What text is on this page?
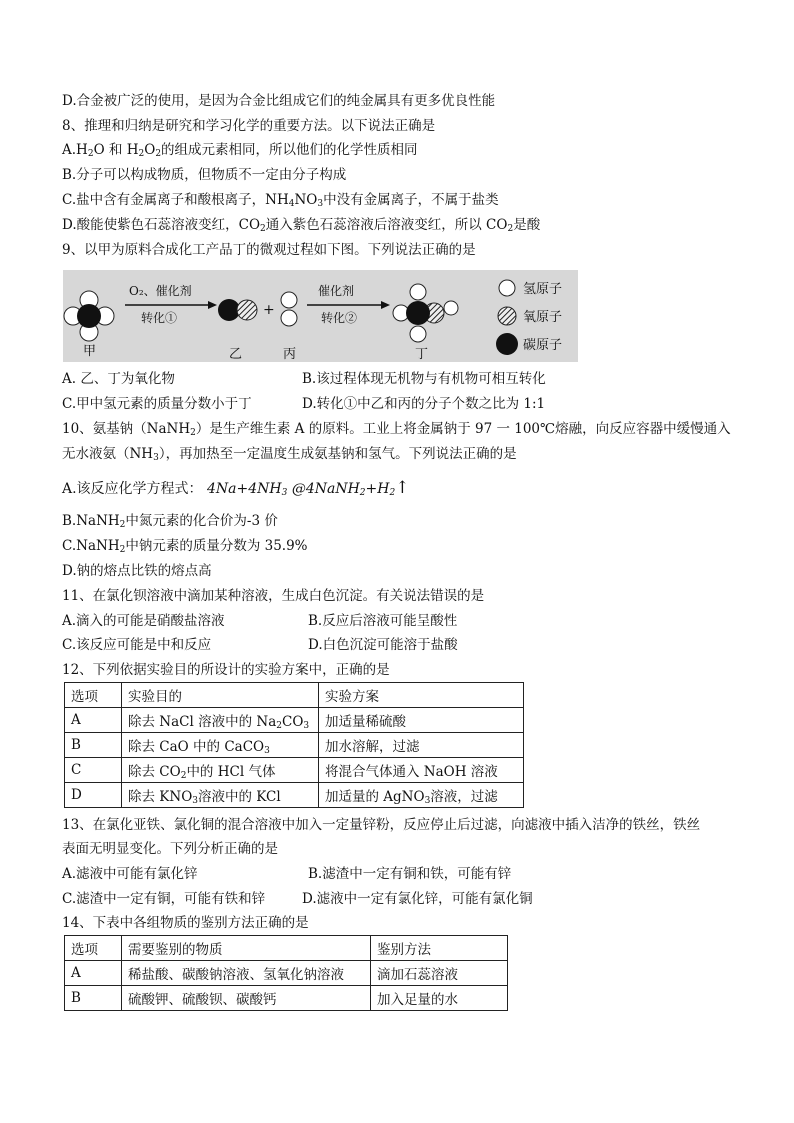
D.合金被广泛的使用，是因为合金比组成它们的纯金属具有更多优良性能
8、推理和归纳是研究和学习化学的重要方法。以下说法正确是
$A.H_2O$ 和 $H_2O_2$的组成元素相同，所以他们的化学性质相同
B.分子可以构成物质，但物质不一定由分子构成
C.盐中含有金属离子和酸根离子，$NH_4NO_3$中没有金属离子，不属于盐类
D.酸能使紫色石蕊溶液变红，$CO_2$通入紫色石蕊溶液后溶液变红，所以 $CO_2$是酸
9、以甲为原料合成化工产品丁的微观过程如下图。下列说法正确的是
甲
O₂、催化剂
转化①
乙
+
丙
催化剂
转化②
丁
氢原子
氧原子
碳原子
A. 乙、丁为氧化物	B.该过程体现无机物与有机物可相互转化
C.甲中氢元素的质量分数小于丁	D.转化①中乙和丙的分子个数之比为 1:1
10、氨基钠（NaNH$_2$）是生产维生素 A 的原料。工业上将金属钠于 97 一 100℃熔融，向反应容器中缓慢通入
无水液氨$(NH_3)$，再加热至一定温度生成氨基钠和氢气。下列说法正确的是
A.该反应化学方程式： $4Na+4NH_3$ $@4NaNH_2+H_2↑$
B.NaNH$_2$中氮元素的化合价为-3 价
C.NaNH$_2$中钠元素的质量分数为 35.9%
D.钠的熔点比铁的熔点高
11、在氯化钡溶液中滴加某种溶液，生成白色沉淀。有关说法错误的是
A.滴入的可能是硝酸盐溶液	B.反应后溶液可能呈酸性
C.该反应可能是中和反应	D.白色沉淀可能溶于盐酸
12、下列依据实验目的所设计的实验方案中，正确的是
选项	实验目的	实验方案
A	除去 NaCl 溶液中的 $Na_2CO_3$	加适量稀硫酸
B	除去 CaO 中的 CaCO$_3$	加水溶解，过滤
C	除去 $CO_2$中的 HCl 气体	将混合气体通入 NaOH 溶液
D	除去 $KNO_3$溶液中的 KCl	加适量的 AgNO$_3$溶液，过滤
13、在氯化亚铁、氯化铜的混合溶液中加入一定量锌粉，反应停止后过滤，向滤液中插入洁净的铁丝，铁丝
表面无明显变化。下列分析正确的是
A.滤液中可能有氯化锌	B.滤渣中一定有铜和铁，可能有锌
C.滤渣中一定有铜，可能有铁和锌	D.滤液中一定有氯化锌，可能有氯化铜
14、下表中各组物质的鉴别方法正确的是
选项	需要鉴别的物质	鉴别方法
A	稀盐酸、碳酸钠溶液、氢氧化钠溶液	滴加石蕊溶液
B	硫酸钾、硫酸钡、碳酸钙	加入足量的水
